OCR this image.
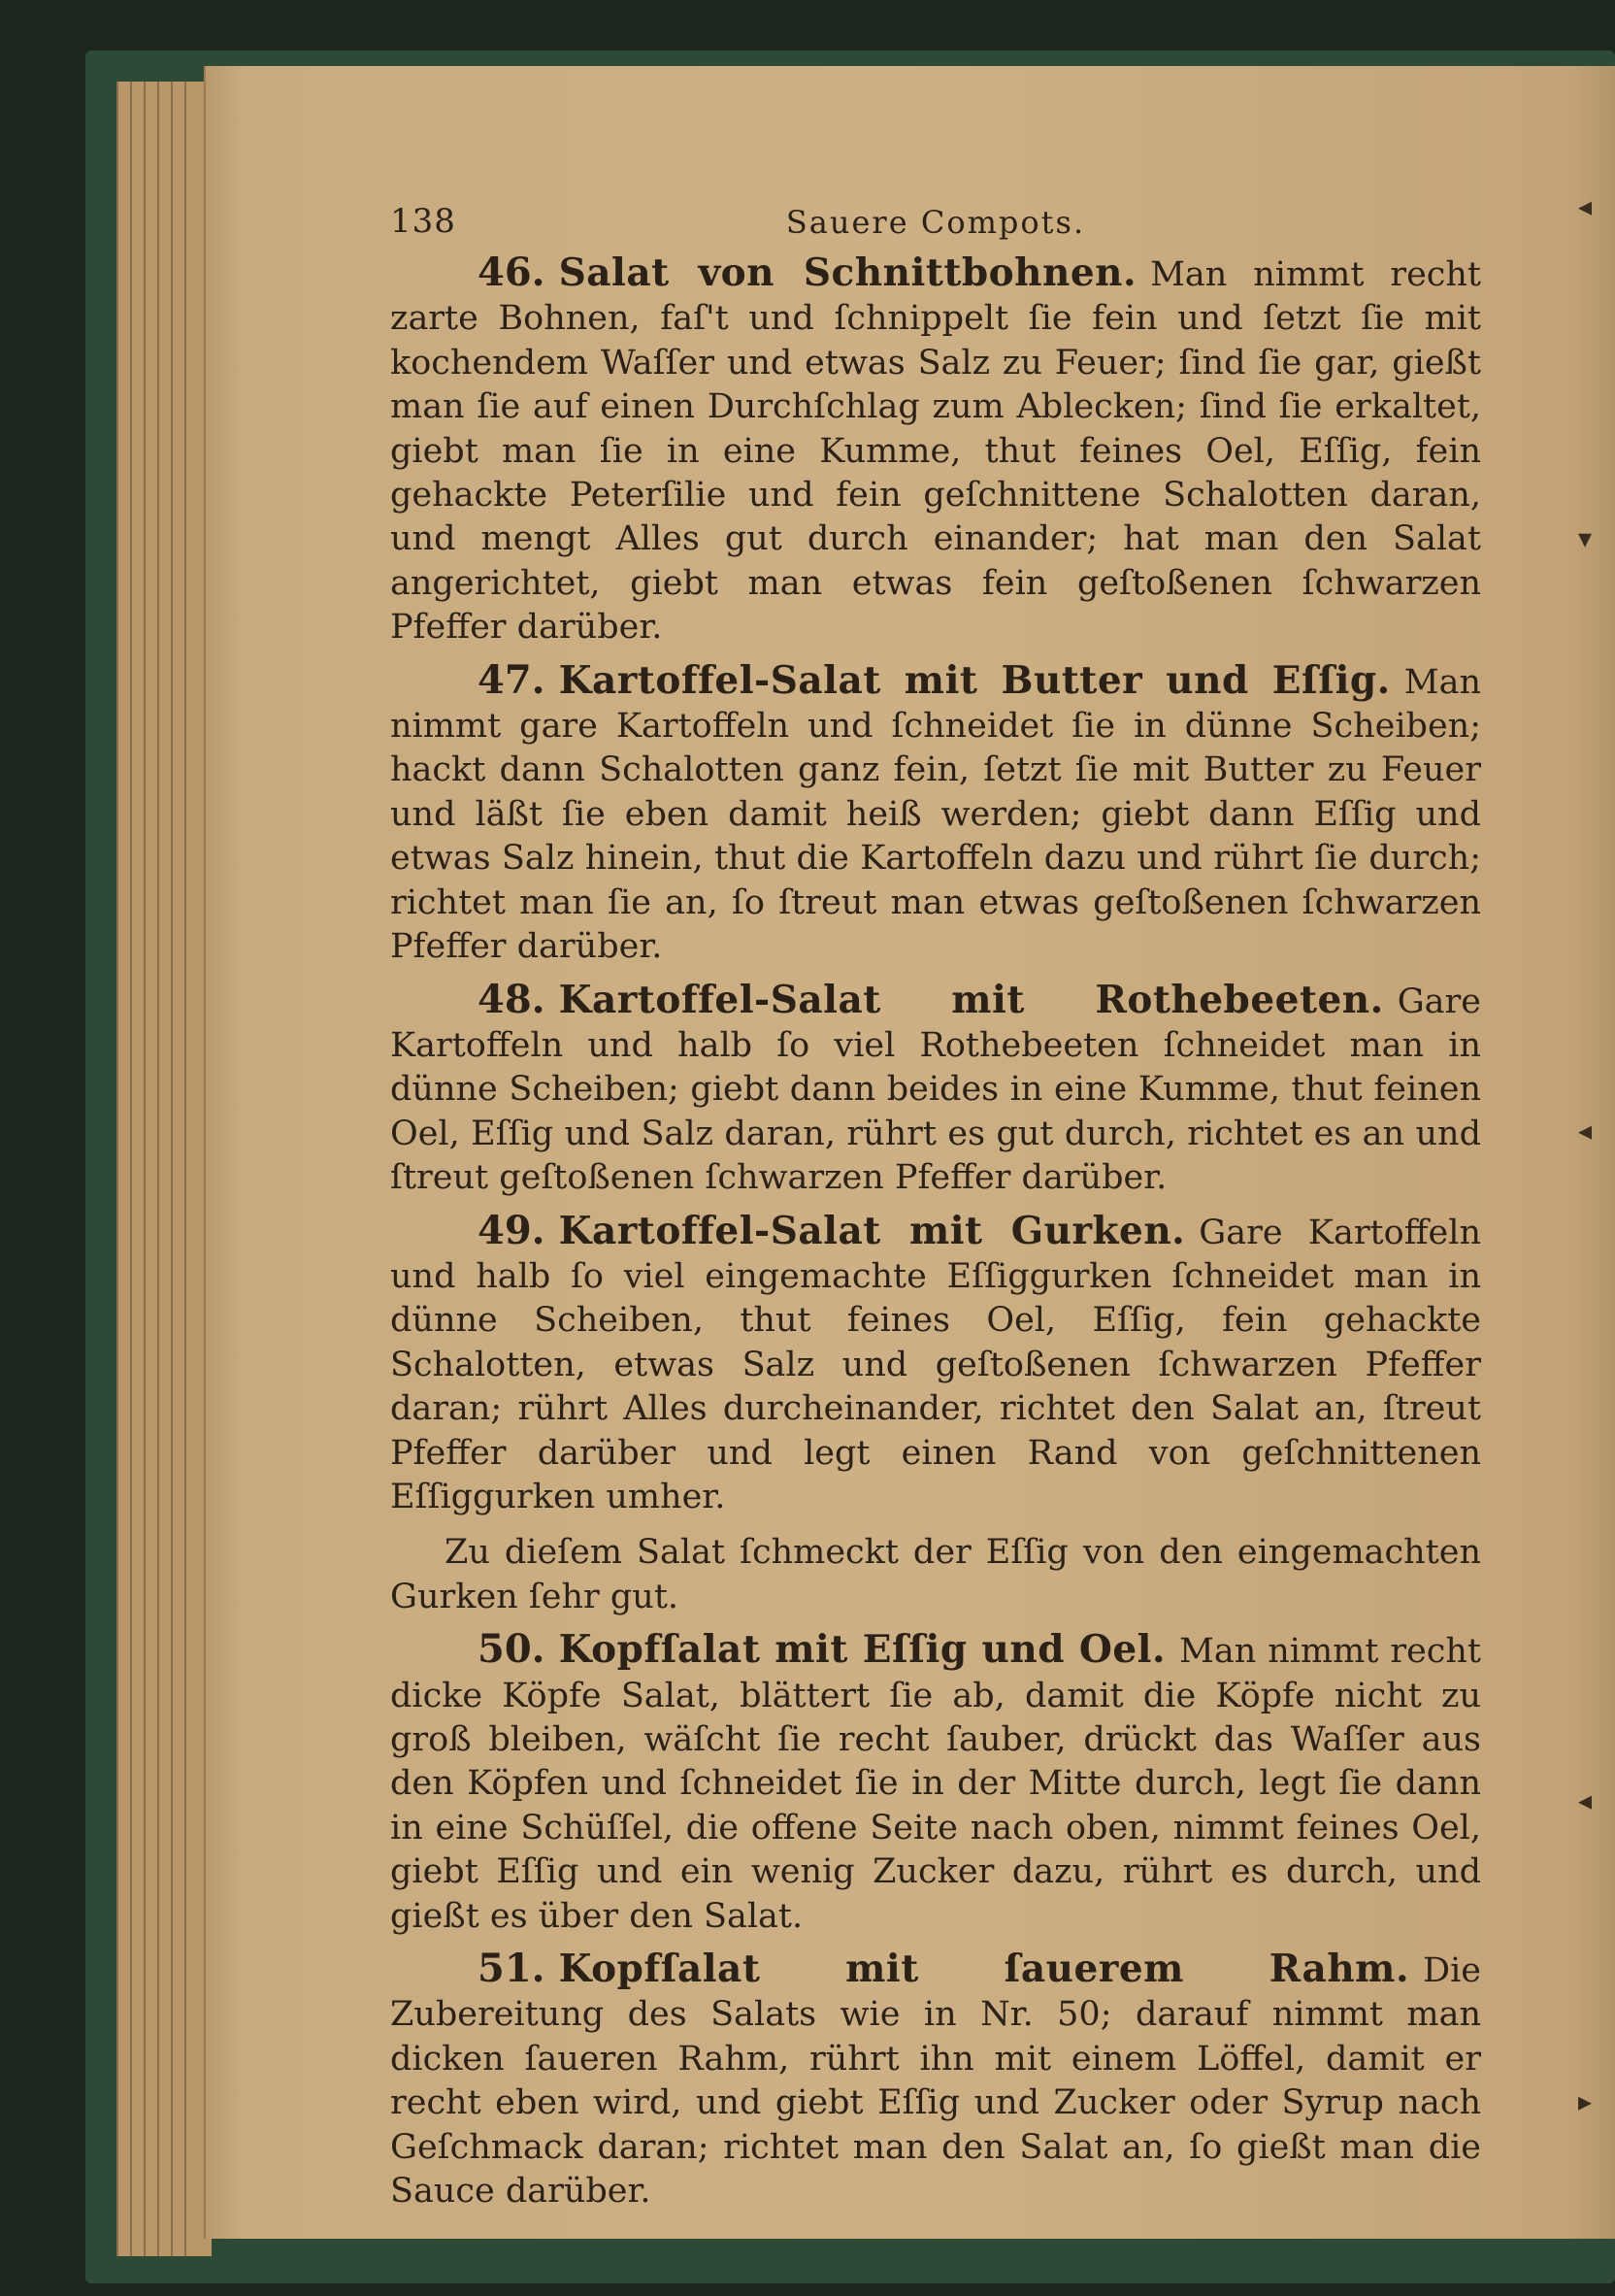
138	Sauere Compots.

46. Salat von Schnittbohnen. Man nimmt recht zarte Bohnen, faſ't und ſchnippelt ſie fein und ſetzt ſie mit kochendem Waſſer und etwas Salz zu Feuer; ſind ſie gar, gießt man ſie auf einen Durchſchlag zum Ablecken; ſind ſie erkaltet, giebt man ſie in eine Kumme, thut feines Oel, Eſſig, fein gehackte Peterſilie und fein geſchnittene Schalotten daran, und mengt Alles gut durch einander; hat man den Salat angerichtet, giebt man etwas fein geſtoßenen ſchwarzen Pfeffer darüber.

47. Kartoffel-Salat mit Butter und Eſſig. Man nimmt gare Kartoffeln und ſchneidet ſie in dünne Scheiben; hackt dann Schalotten ganz fein, ſetzt ſie mit Butter zu Feuer und läßt ſie eben damit heiß werden; giebt dann Eſſig und etwas Salz hinein, thut die Kartoffeln dazu und rührt ſie durch; richtet man ſie an, ſo ſtreut man etwas geſtoßenen ſchwarzen Pfeffer darüber.

48. Kartoffel-Salat mit Rothebeeten. Gare Kartoffeln und halb ſo viel Rothebeeten ſchneidet man in dünne Scheiben; giebt dann beides in eine Kumme, thut feinen Oel, Eſſig und Salz daran, rührt es gut durch, richtet es an und ſtreut geſtoßenen ſchwarzen Pfeffer darüber.

49. Kartoffel-Salat mit Gurken. Gare Kartoffeln und halb ſo viel eingemachte Eſſiggurken ſchneidet man in dünne Scheiben, thut feines Oel, Eſſig, fein gehackte Schalotten, etwas Salz und geſtoßenen ſchwarzen Pfeffer daran; rührt Alles durcheinander, richtet den Salat an, ſtreut Pfeffer darüber und legt einen Rand von geſchnittenen Eſſiggurken umher.

Zu dieſem Salat ſchmeckt der Eſſig von den eingemachten Gurken ſehr gut.

50. Kopfſalat mit Eſſig und Oel. Man nimmt recht dicke Köpfe Salat, blättert ſie ab, damit die Köpfe nicht zu groß bleiben, wäſcht ſie recht ſauber, drückt das Waſſer aus den Köpfen und ſchneidet ſie in der Mitte durch, legt ſie dann in eine Schüſſel, die offene Seite nach oben, nimmt feines Oel, giebt Eſſig und ein wenig Zucker dazu, rührt es durch, und gießt es über den Salat.

51. Kopfſalat mit ſauerem Rahm. Die Zubereitung des Salats wie in Nr. 50; darauf nimmt man dicken ſaueren Rahm, rührt ihn mit einem Löffel, damit er recht eben wird, und giebt Eſſig und Zucker oder Syrup nach Geſchmack daran; richtet man den Salat an, ſo gießt man die Sauce darüber.

◂
▾
◂
◂
▸
